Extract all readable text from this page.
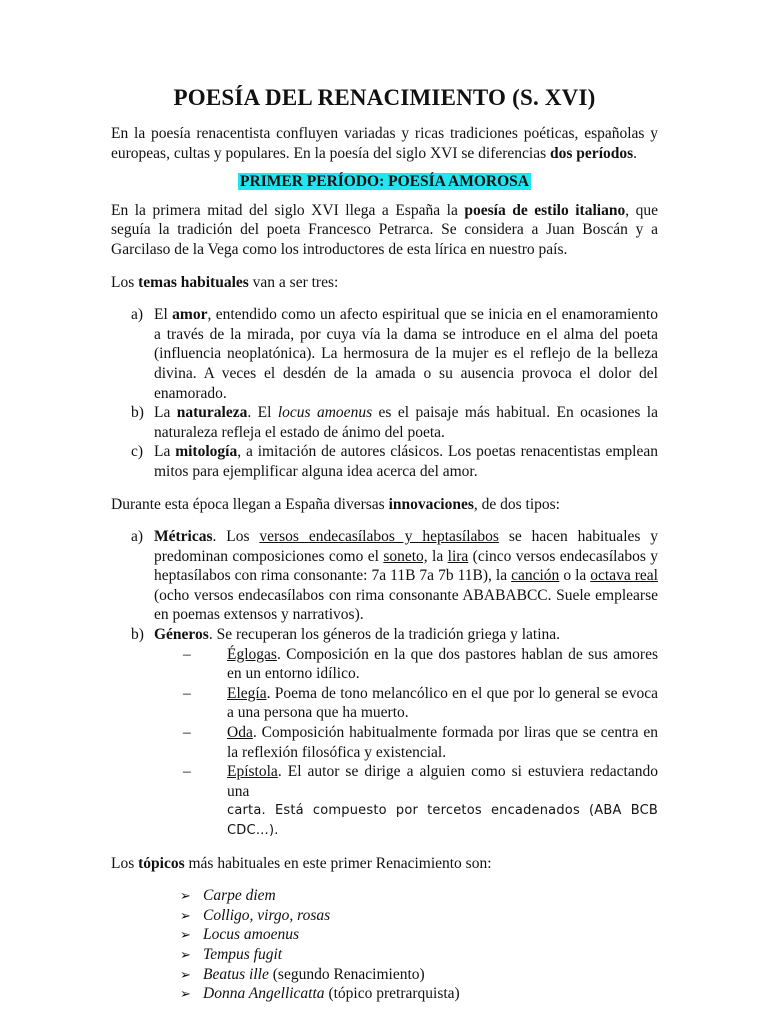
POESÍA DEL RENACIMIENTO (S. XVI)

En la poesía renacentista confluyen variadas y ricas tradiciones poéticas, españolas y europeas, cultas y populares. En la poesía del siglo XVI se diferencias dos períodos.

PRIMER PERÍODO: POESÍA AMOROSA

En la primera mitad del siglo XVI llega a España la poesía de estilo italiano, que seguía la tradición del poeta Francesco Petrarca. Se considera a Juan Boscán y a Garcilaso de la Vega como los introductores de esta lírica en nuestro país.

Los temas habituales van a ser tres:

a) El amor, entendido como un afecto espiritual que se inicia en el enamoramiento a través de la mirada, por cuya vía la dama se introduce en el alma del poeta (influencia neoplatónica). La hermosura de la mujer es el reflejo de la belleza divina. A veces el desdén de la amada o su ausencia provoca el dolor del enamorado.
b) La naturaleza. El locus amoenus es el paisaje más habitual. En ocasiones la naturaleza refleja el estado de ánimo del poeta.
c) La mitología, a imitación de autores clásicos. Los poetas renacentistas emplean mitos para ejemplificar alguna idea acerca del amor.

Durante esta época llegan a España diversas innovaciones, de dos tipos:

a) Métricas. Los versos endecasílabos y heptasílabos se hacen habituales y predominan composiciones como el soneto, la lira (cinco versos endecasílabos y heptasílabos con rima consonante: 7a 11B 7a 7b 11B), la canción o la octava real (ocho versos endecasílabos con rima consonante ABABABCC. Suele emplearse en poemas extensos y narrativos).
b) Géneros. Se recuperan los géneros de la tradición griega y latina.
– Églogas. Composición en la que dos pastores hablan de sus amores en un entorno idílico.
– Elegía. Poema de tono melancólico en el que por lo general se evoca a una persona que ha muerto.
– Oda. Composición habitualmente formada por liras que se centra en la reflexión filosófica y existencial.
– Epístola. El autor se dirige a alguien como si estuviera redactando una
carta. Está compuesto por tercetos encadenados (ABA BCB CDC…).

Los tópicos más habituales en este primer Renacimiento son:

➢ Carpe diem
➢ Colligo, virgo, rosas
➢ Locus amoenus
➢ Tempus fugit
➢ Beatus ille (segundo Renacimiento)
➢ Donna Angellicatta (tópico pretrarquista)
